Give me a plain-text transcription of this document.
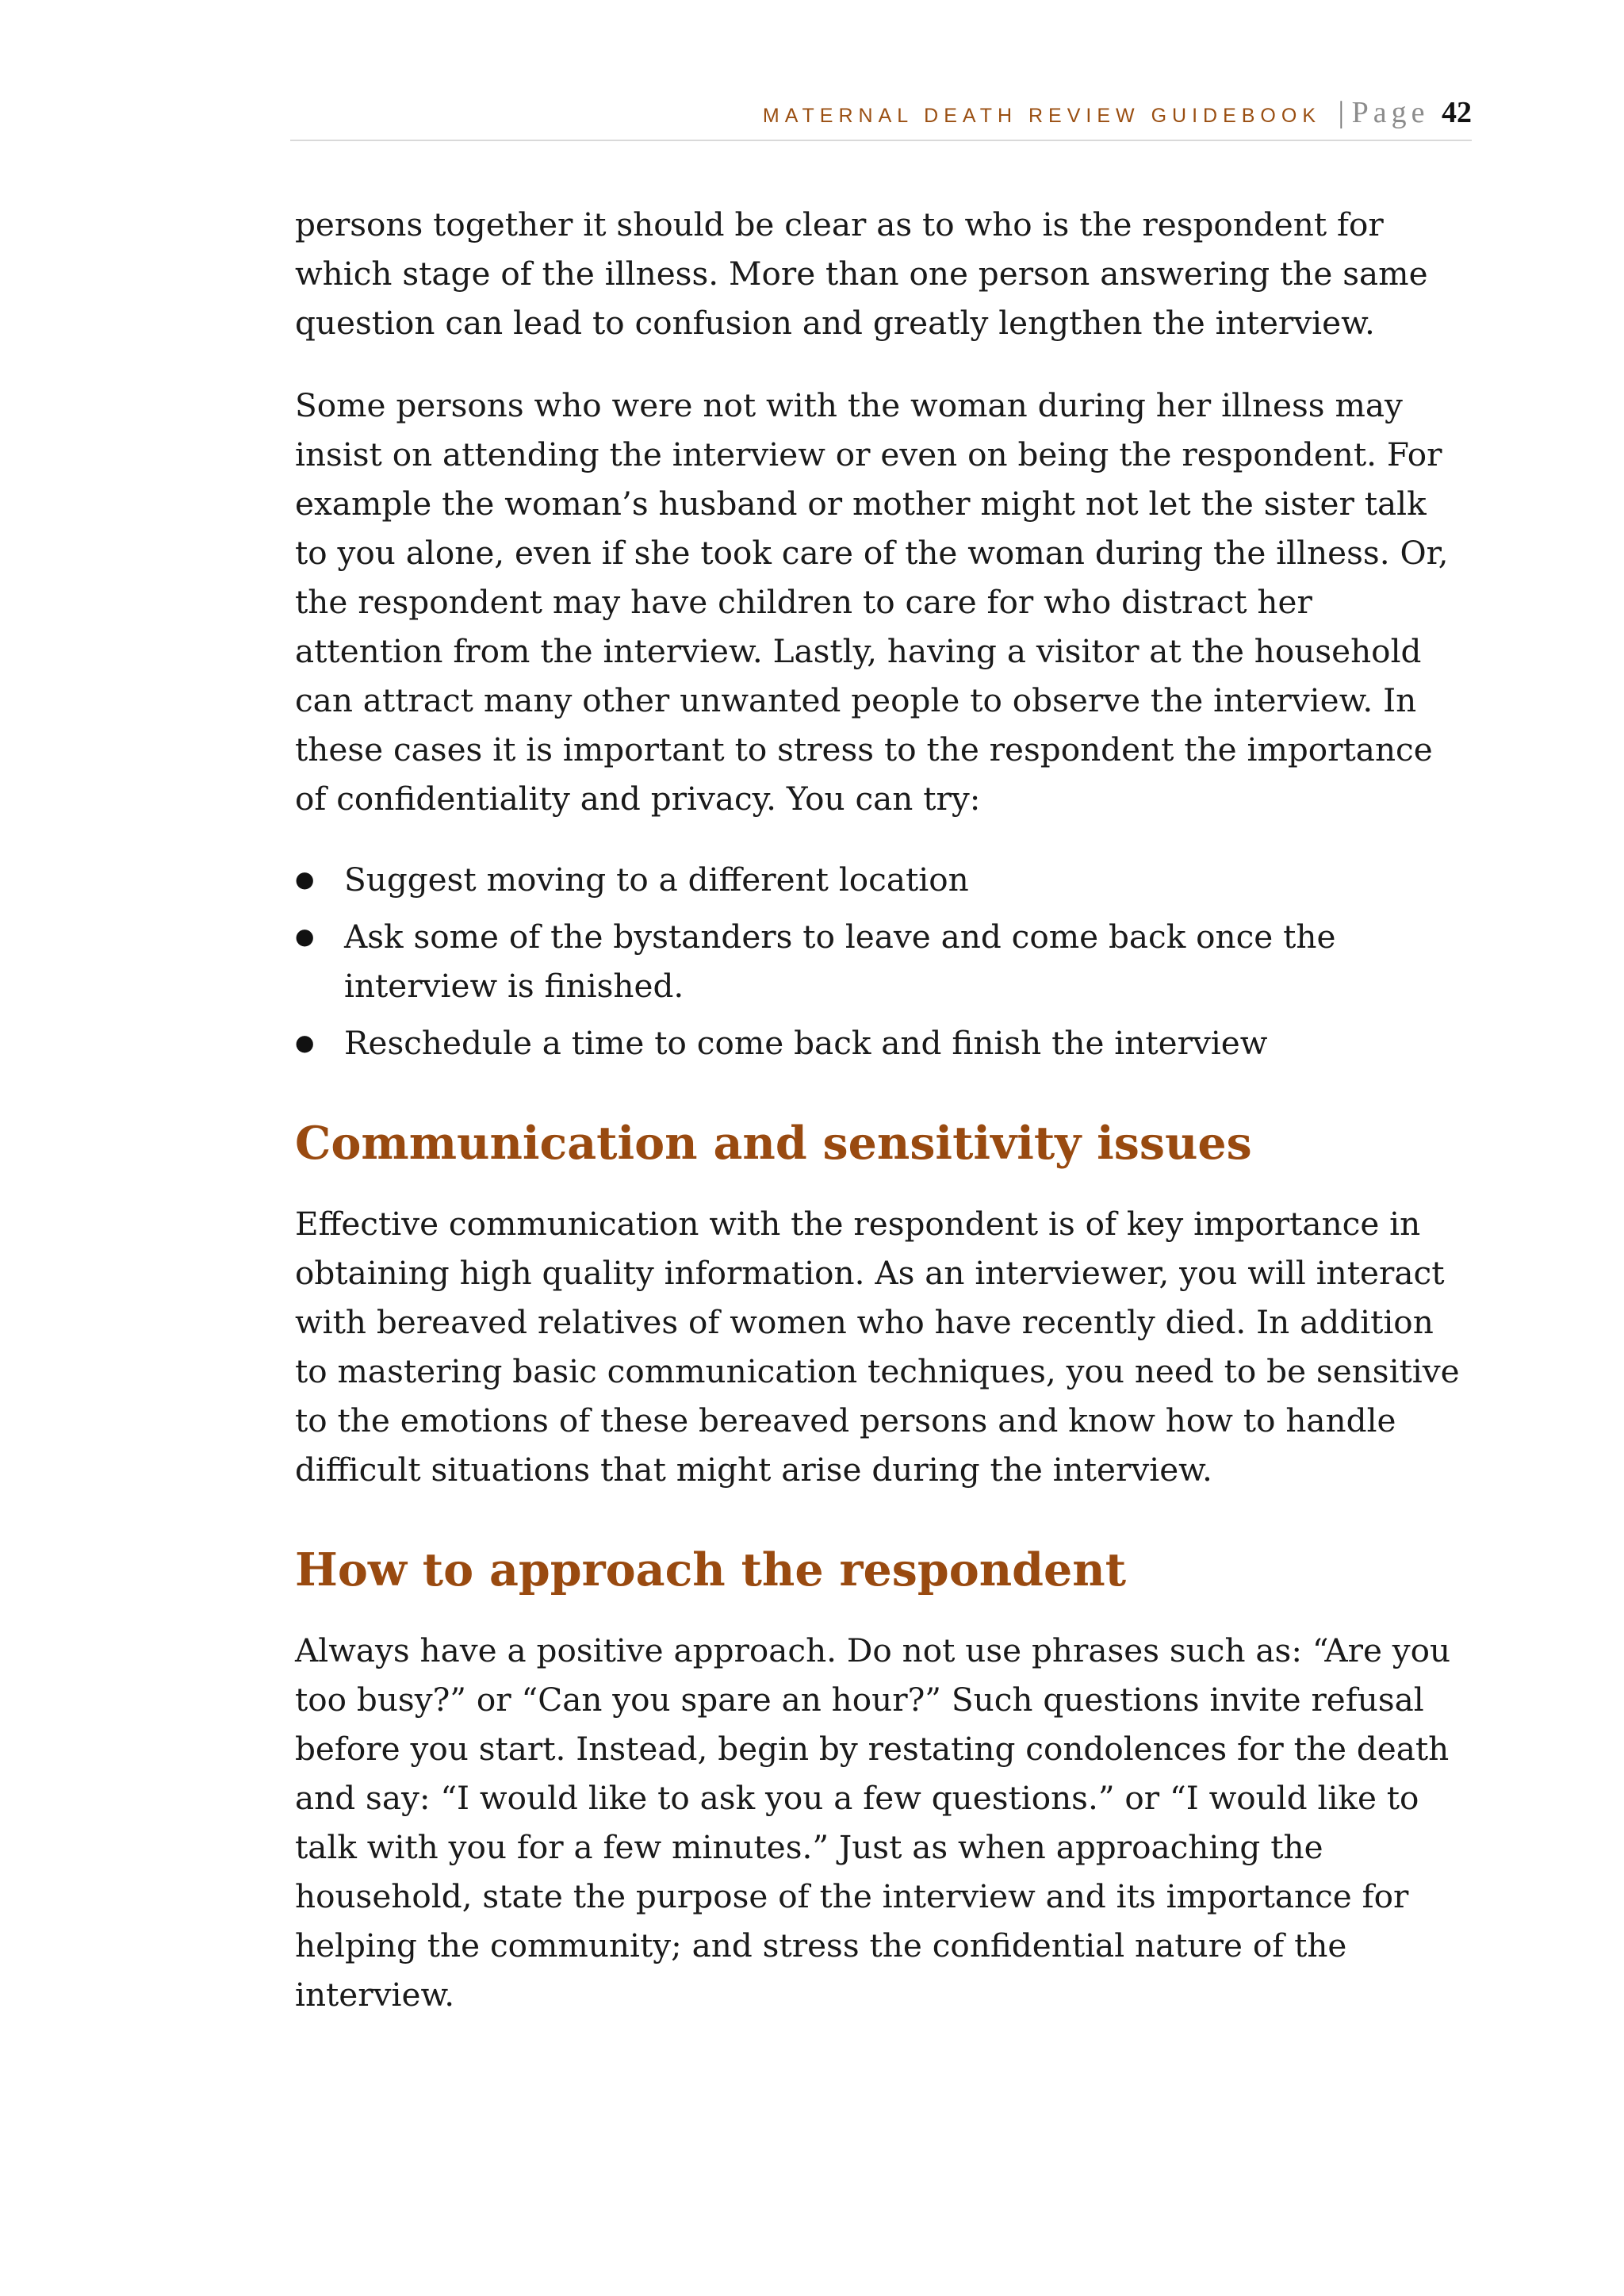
MATERNAL DEATH REVIEW GUIDEBOOK | Page 42

persons together it should be clear as to who is the respondent for which stage of the illness. More than one person answering the same question can lead to confusion and greatly lengthen the interview.

Some persons who were not with the woman during her illness may insist on attending the interview or even on being the respondent. For example the woman’s husband or mother might not let the sister talk to you alone, even if she took care of the woman during the illness. Or, the respondent may have children to care for who distract her attention from the interview. Lastly, having a visitor at the household can attract many other unwanted people to observe the interview. In these cases it is important to stress to the respondent the importance of confidentiality and privacy. You can try:

● Suggest moving to a different location
● Ask some of the bystanders to leave and come back once the interview is finished.
● Reschedule a time to come back and finish the interview
Communication and sensitivity issues

Effective communication with the respondent is of key importance in obtaining high quality information. As an interviewer, you will interact with bereaved relatives of women who have recently died. In addition to mastering basic communication techniques, you need to be sensitive to the emotions of these bereaved persons and know how to handle difficult situations that might arise during the interview.

How to approach the respondent

Always have a positive approach. Do not use phrases such as: “Are you too busy?” or “Can you spare an hour?” Such questions invite refusal before you start. Instead, begin by restating condolences for the death and say: “I would like to ask you a few questions.” or “I would like to talk with you for a few minutes.” Just as when approaching the household, state the purpose of the interview and its importance for helping the community; and stress the confidential nature of the interview.
